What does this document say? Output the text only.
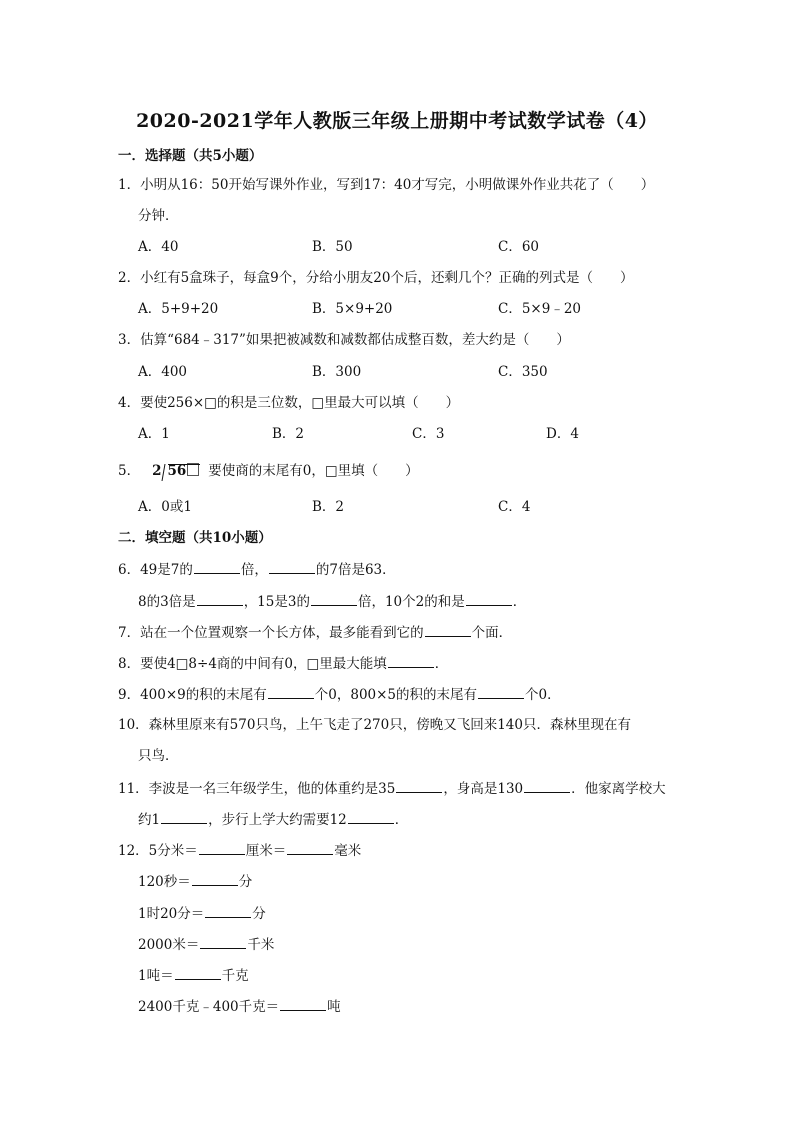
2020-2021学年人教版三年级上册期中考试数学试卷（4）
一．选择题（共5小题）
1．小明从16：50开始写课外作业，写到17：40才写完，小明做课外作业共花了（　　）
分钟．
A．40	B．50	C．60
2．小红有5盒珠子，每盒9个，分给小朋友20个后，还剩几个？正确的列式是（　　）
A．5+9+20	B．5×9+20	C．5×9﹣20
3．估算“684﹣317”如果把被减数和减数都估成整百数，差大约是（　　）
A．400	B．300	C．350
4．要使256×□的积是三位数，□里最大可以填（　　）
A．1	B．2	C．3	D．4
5． 2 56 要使商的末尾有0，□里填（　　）
A．0或1	B．2	C．4
二．填空题（共10小题）
6．49是7的	倍，	的7倍是63．
8的3倍是	，15是3的	倍，10个2的和是	．
7．站在一个位置观察一个长方体，最多能看到它的	个面．
8．要使4□8÷4商的中间有0，□里最大能填	．
9．400×9的积的末尾有	个0，800×5的积的末尾有	个0．
10．森林里原来有570只鸟，上午飞走了270只，傍晚又飞回来140只．森林里现在有
只鸟．
11．李波是一名三年级学生，他的体重约是35	，身高是130	．他家离学校大
约1	，步行上学大约需要12	．
12．5分米＝	厘米＝	毫米
120秒＝	分
1时20分＝	分
2000米＝	千米
1吨＝	千克
2400千克﹣400千克＝	吨
